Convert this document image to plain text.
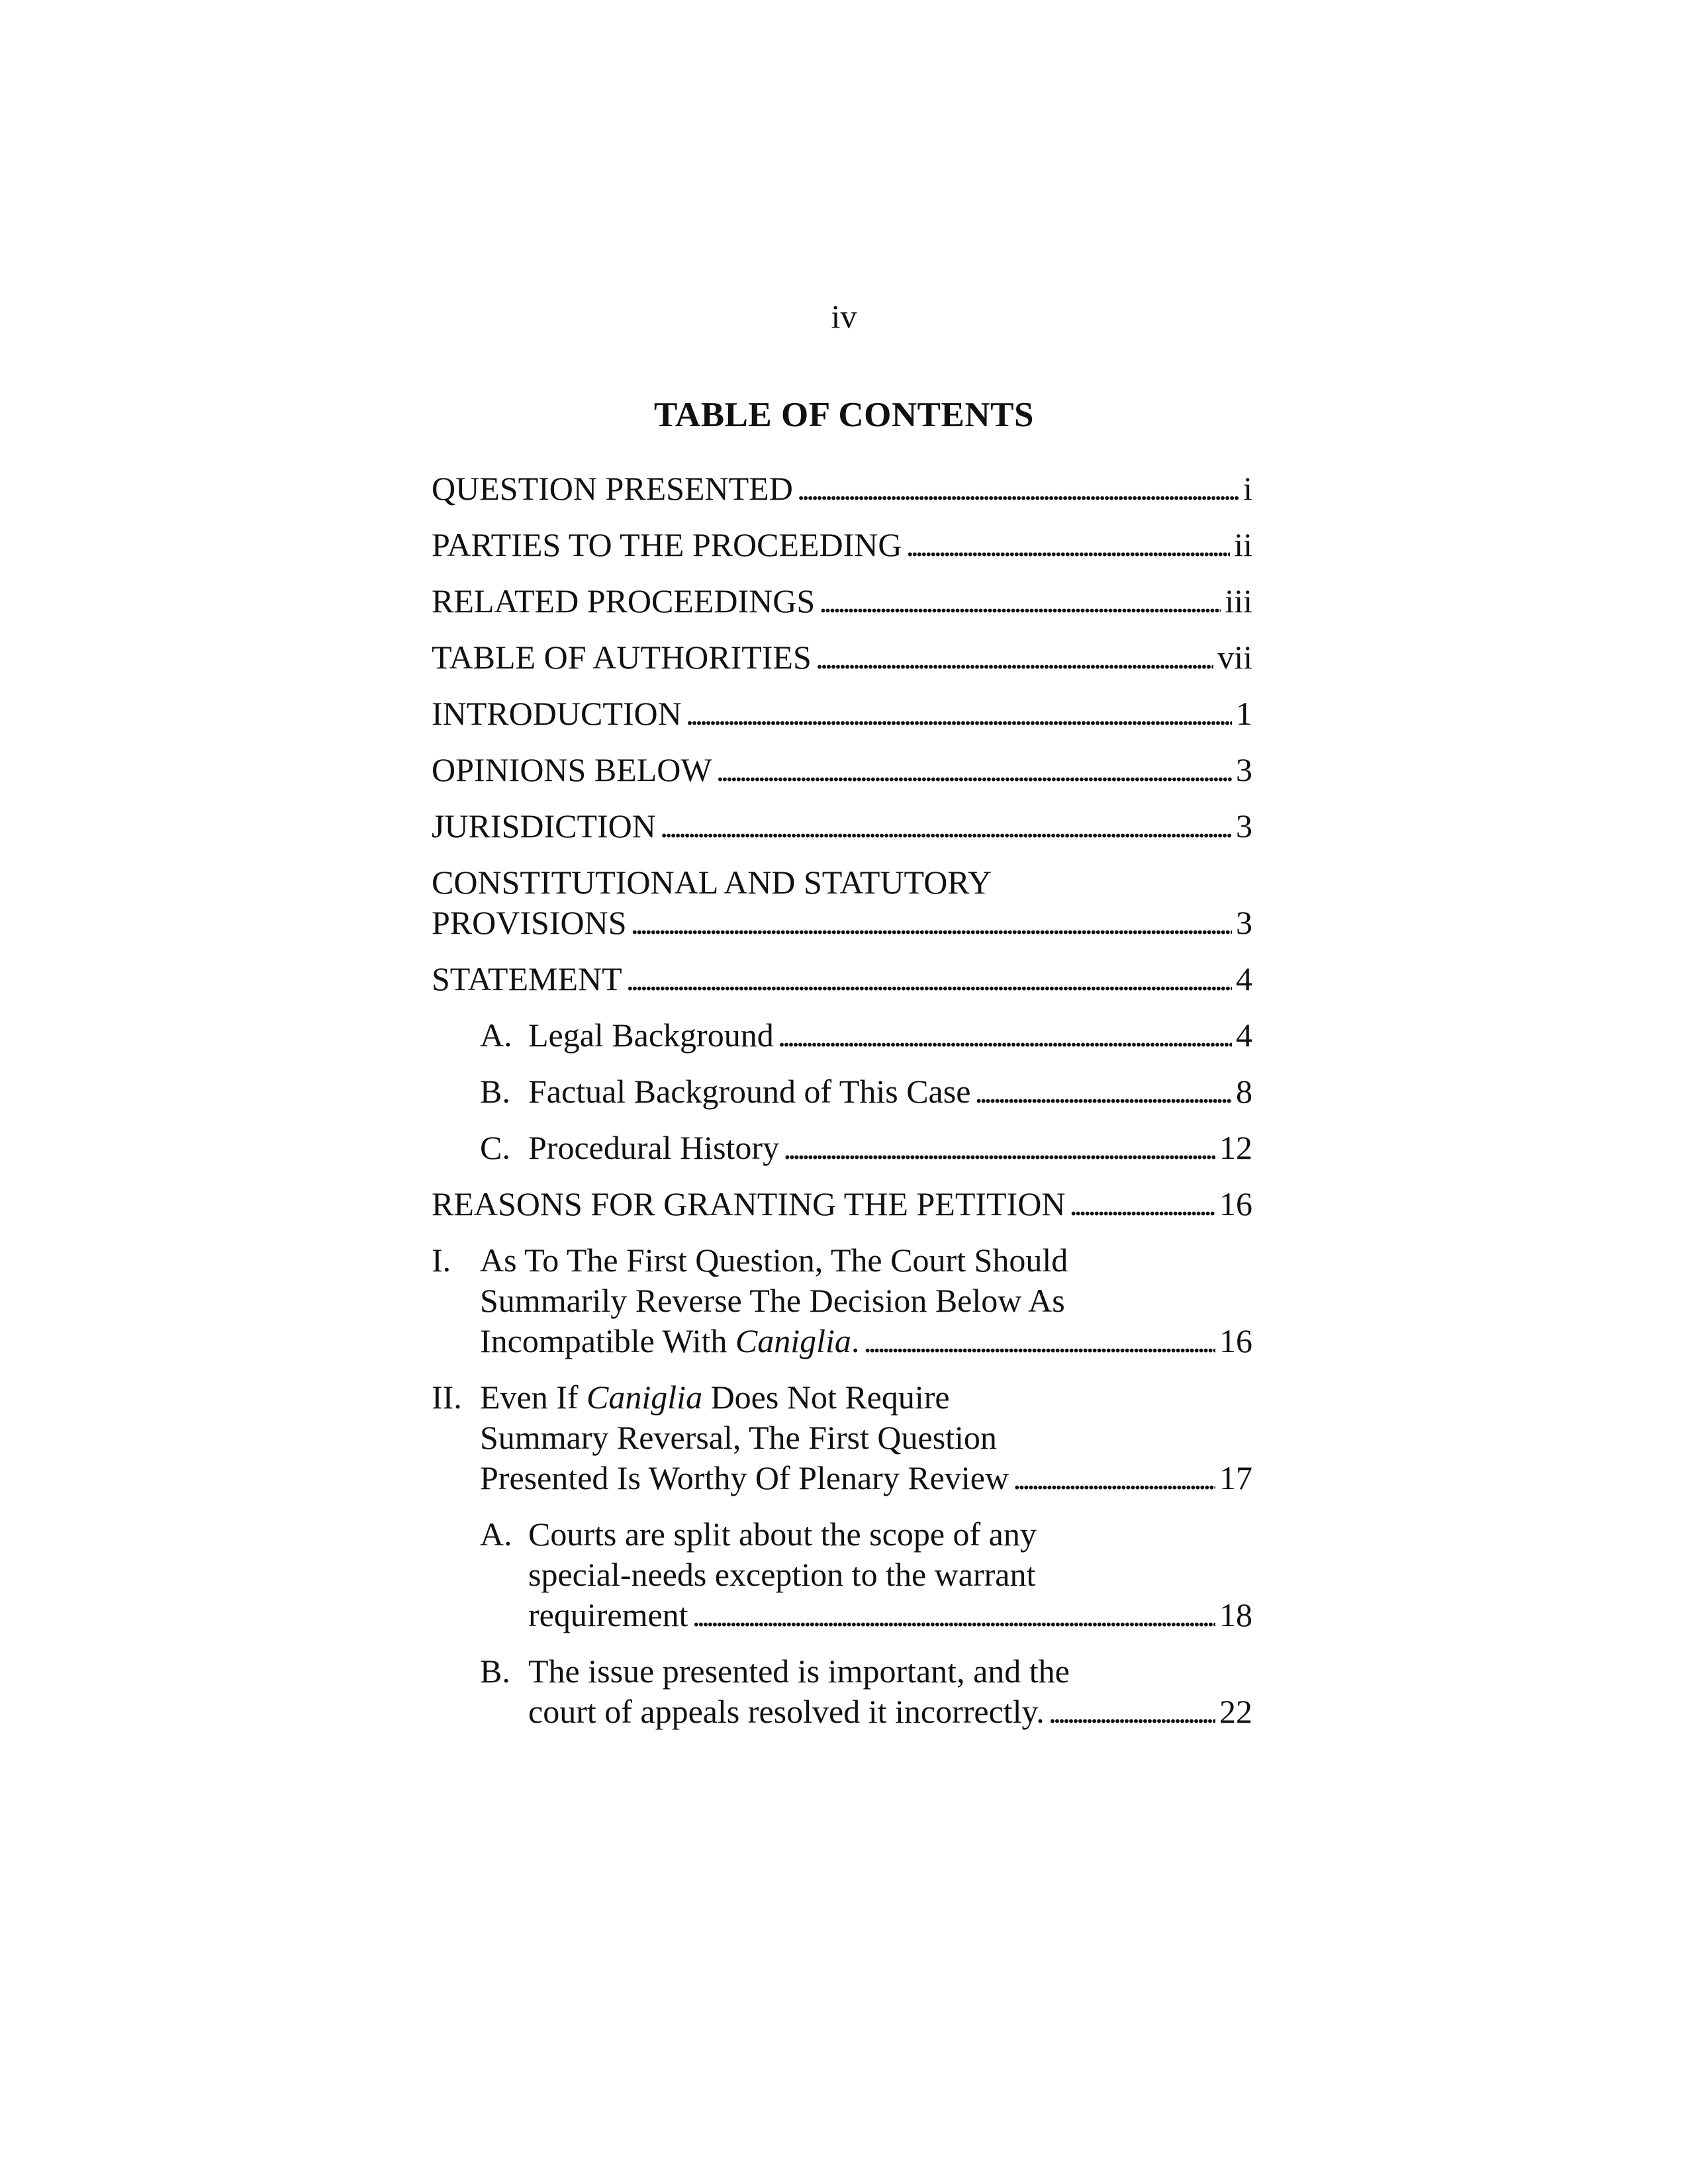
iv
TABLE OF CONTENTS
QUESTION PRESENTED . . .	i
PARTIES TO THE PROCEEDING . . .	ii
RELATED PROCEEDINGS . . .	iii
TABLE OF AUTHORITIES . . .	vii
INTRODUCTION . . .	1
OPINIONS BELOW . . .	3
JURISDICTION . . .	3
CONSTITUTIONAL AND STATUTORY
PROVISIONS . . .	3
STATEMENT . . .	4
A. Legal Background . . .	4
B. Factual Background of This Case . . .	8
C. Procedural History . . .	12
REASONS FOR GRANTING THE PETITION . . .	16
I. As To The First Question, The Court Should
Summarily Reverse The Decision Below As
Incompatible With Caniglia. . . .	16
II. Even If Caniglia Does Not Require
Summary Reversal, The First Question
Presented Is Worthy Of Plenary Review . . .	17
A. Courts are split about the scope of any
special-needs exception to the warrant
requirement . . .	18
B. The issue presented is important, and the
court of appeals resolved it incorrectly. . . .	22
